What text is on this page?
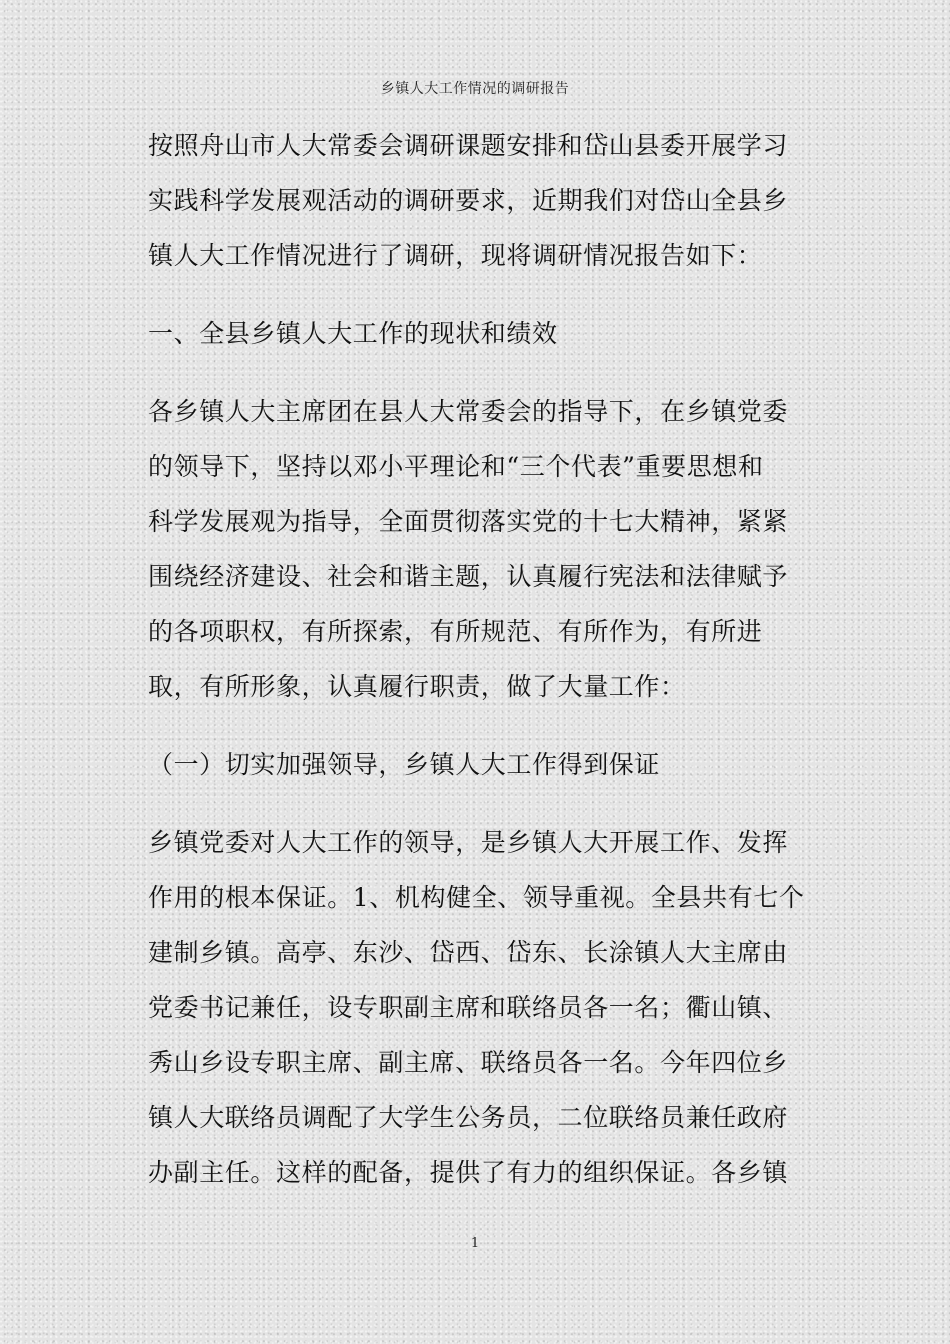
乡镇人大工作情况的调研报告

按照舟山市人大常委会调研课题安排和岱山县委开展学习
实践科学发展观活动的调研要求，近期我们对岱山全县乡
镇人大工作情况进行了调研，现将调研情况报告如下：

一、全县乡镇人大工作的现状和绩效

各乡镇人大主席团在县人大常委会的指导下，在乡镇党委
的领导下，坚持以邓小平理论和“三个代表”重要思想和
科学发展观为指导，全面贯彻落实党的十七大精神，紧紧
围绕经济建设、社会和谐主题，认真履行宪法和法律赋予
的各项职权，有所探索，有所规范、有所作为，有所进
取，有所形象，认真履行职责，做了大量工作：

（一）切实加强领导，乡镇人大工作得到保证

乡镇党委对人大工作的领导，是乡镇人大开展工作、发挥
作用的根本保证。1、机构健全、领导重视。全县共有七个
建制乡镇。高亭、东沙、岱西、岱东、长涂镇人大主席由
党委书记兼任，设专职副主席和联络员各一名；衢山镇、
秀山乡设专职主席、副主席、联络员各一名。今年四位乡
镇人大联络员调配了大学生公务员，二位联络员兼任政府
办副主任。这样的配备，提供了有力的组织保证。各乡镇

1
